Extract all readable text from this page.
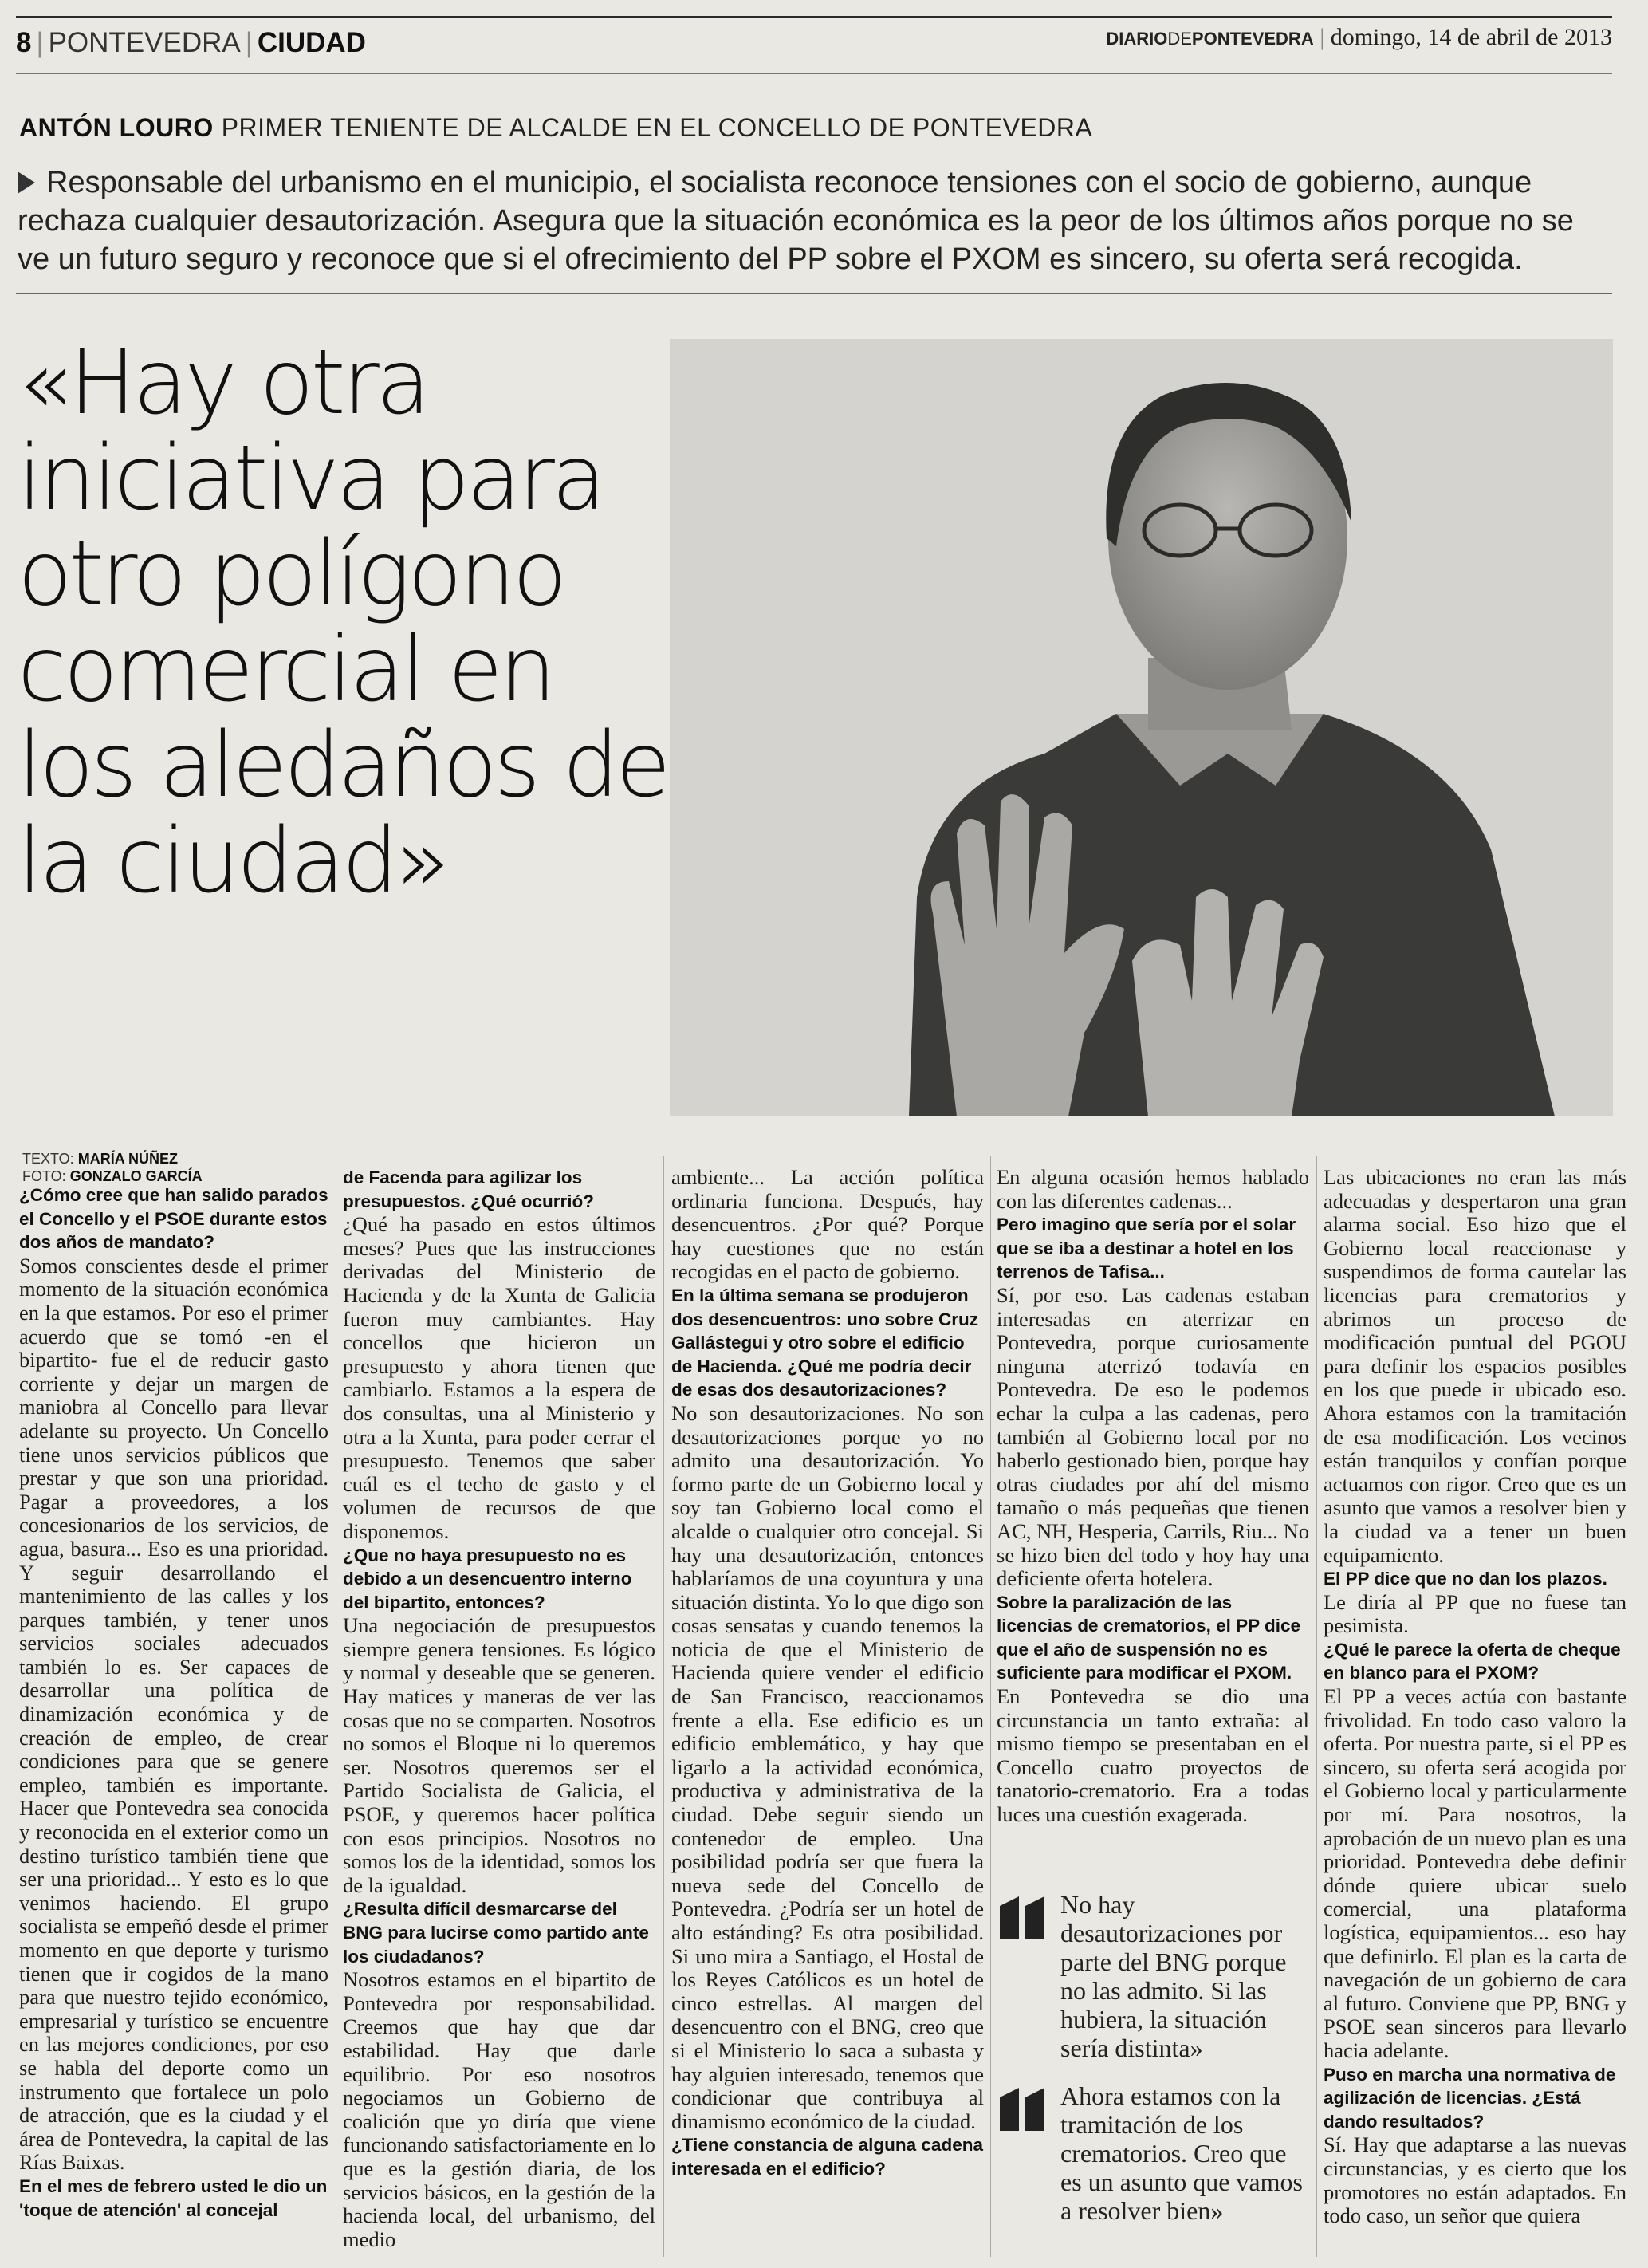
8 | PONTEVEDRA | CIUDAD	DIARIODEPONTEVEDRA | domingo, 14 de abril de 2013
ANTÓN LOURO PRIMER TENIENTE DE ALCALDE EN EL CONCELLO DE PONTEVEDRA
Responsable del urbanismo en el municipio, el socialista reconoce tensiones con el socio de gobierno, aunque rechaza cualquier desautorización. Asegura que la situación económica es la peor de los últimos años porque no se ve un futuro seguro y reconoce que si el ofrecimiento del PP sobre el PXOM es sincero, su oferta será recogida.
«Hay otra iniciativa para otro polígono comercial en los aledaños de la ciudad»
TEXTO: MARÍA NÚÑEZ
FOTO: GONZALO GARCÍA

¿Cómo cree que han salido parados el Concello y el PSOE durante estos dos años de mandato?

Somos conscientes desde el primer momento de la situación económica en la que estamos. Por eso el primer acuerdo que se tomó -en el bipartito- fue el de reducir gasto corriente y dejar un margen de maniobra al Concello para llevar adelante su proyecto. Un Concello tiene unos servicios públicos que prestar y que son una prioridad. Pagar a proveedores, a los concesionarios de los servicios, de agua, basura... Eso es una prioridad. Y seguir desarrollando el mantenimiento de las calles y los parques también, y tener unos servicios sociales adecuados también lo es. Ser capaces de desarrollar una política de dinamización económica y de creación de empleo, de crear condiciones para que se genere empleo, también es importante. Hacer que Pontevedra sea conocida y reconocida en el exterior como un destino turístico también tiene que ser una prioridad... Y esto es lo que venimos haciendo. El grupo socialista se empeñó desde el primer momento en que deporte y turismo tienen que ir cogidos de la mano para que nuestro tejido económico, empresarial y turístico se encuentre en las mejores condiciones, por eso se habla del deporte como un instrumento que fortalece un polo de atracción, que es la ciudad y el área de Pontevedra, la capital de las Rías Baixas.

En el mes de febrero usted le dio un 'toque de atención' al concejal

de Facenda para agilizar los presupuestos. ¿Qué ocurrió?

¿Qué ha pasado en estos últimos meses? Pues que las instrucciones derivadas del Ministerio de Hacienda y de la Xunta de Galicia fueron muy cambiantes. Hay concellos que hicieron un presupuesto y ahora tienen que cambiarlo. Estamos a la espera de dos consultas, una al Ministerio y otra a la Xunta, para poder cerrar el presupuesto. Tenemos que saber cuál es el techo de gasto y el volumen de recursos de que disponemos.

¿Que no haya presupuesto no es debido a un desencuentro interno del bipartito, entonces?

Una negociación de presupuestos siempre genera tensiones. Es lógico y normal y deseable que se generen. Hay matices y maneras de ver las cosas que no se comparten. Nosotros no somos el Bloque ni lo queremos ser. Nosotros queremos ser el Partido Socialista de Galicia, el PSOE, y queremos hacer política con esos principios. Nosotros no somos los de la identidad, somos los de la igualdad.

¿Resulta difícil desmarcarse del BNG para lucirse como partido ante los ciudadanos?

Nosotros estamos en el bipartito de Pontevedra por responsabilidad. Creemos que hay que dar estabilidad. Hay que darle equilibrio. Por eso nosotros negociamos un Gobierno de coalición que yo diría que viene funcionando satisfactoriamente en lo que es la gestión diaria, de los servicios básicos, en la gestión de la hacienda local, del urbanismo, del medio

ambiente... La acción política ordinaria funciona. Después, hay desencuentros. ¿Por qué? Porque hay cuestiones que no están recogidas en el pacto de gobierno.

En la última semana se produjeron dos desencuentros: uno sobre Cruz Gallástegui y otro sobre el edificio de Hacienda. ¿Qué me podría decir de esas dos desautorizaciones?

No son desautorizaciones. No son desautorizaciones porque yo no admito una desautorización. Yo formo parte de un Gobierno local y soy tan Gobierno local como el alcalde o cualquier otro concejal. Si hay una desautorización, entonces hablaríamos de una coyuntura y una situación distinta. Yo lo que digo son cosas sensatas y cuando tenemos la noticia de que el Ministerio de Hacienda quiere vender el edificio de San Francisco, reaccionamos frente a ella. Ese edificio es un edificio emblemático, y hay que ligarlo a la actividad económica, productiva y administrativa de la ciudad. Debe seguir siendo un contenedor de empleo. Una posibilidad podría ser que fuera la nueva sede del Concello de Pontevedra. ¿Podría ser un hotel de alto estánding? Es otra posibilidad. Si uno mira a Santiago, el Hostal de los Reyes Católicos es un hotel de cinco estrellas. Al margen del desencuentro con el BNG, creo que si el Ministerio lo saca a subasta y hay alguien interesado, tenemos que condicionar que contribuya al dinamismo económico de la ciudad.

¿Tiene constancia de alguna cadena interesada en el edificio?

En alguna ocasión hemos hablado con las diferentes cadenas...

Pero imagino que sería por el solar que se iba a destinar a hotel en los terrenos de Tafisa...

Sí, por eso. Las cadenas estaban interesadas en aterrizar en Pontevedra, porque curiosamente ninguna aterrizó todavía en Pontevedra. De eso le podemos echar la culpa a las cadenas, pero también al Gobierno local por no haberlo gestionado bien, porque hay otras ciudades por ahí del mismo tamaño o más pequeñas que tienen AC, NH, Hesperia, Carrils, Riu... No se hizo bien del todo y hoy hay una deficiente oferta hotelera.

Sobre la paralización de las licencias de crematorios, el PP dice que el año de suspensión no es suficiente para modificar el PXOM.

En Pontevedra se dio una circunstancia un tanto extraña: al mismo tiempo se presentaban en el Concello cuatro proyectos de tanatorio-crematorio. Era a todas luces una cuestión exagerada.

Las ubicaciones no eran las más adecuadas y despertaron una gran alarma social. Eso hizo que el Gobierno local reaccionase y suspendimos de forma cautelar las licencias para crematorios y abrimos un proceso de modificación puntual del PGOU para definir los espacios posibles en los que puede ir ubicado eso. Ahora estamos con la tramitación de esa modificación. Los vecinos están tranquilos y confían porque actuamos con rigor. Creo que es un asunto que vamos a resolver bien y la ciudad va a tener un buen equipamiento.

El PP dice que no dan los plazos.

Le diría al PP que no fuese tan pesimista.

¿Qué le parece la oferta de cheque en blanco para el PXOM?

El PP a veces actúa con bastante frivolidad. En todo caso valoro la oferta. Por nuestra parte, si el PP es sincero, su oferta será acogida por el Gobierno local y particularmente por mí. Para nosotros, la aprobación de un nuevo plan es una prioridad. Pontevedra debe definir dónde quiere ubicar suelo comercial, una plataforma logística, equipamientos... eso hay que definirlo. El plan es la carta de navegación de un gobierno de cara al futuro. Conviene que PP, BNG y PSOE sean sinceros para llevarlo hacia adelante.

Puso en marcha una normativa de agilización de licencias. ¿Está dando resultados?

Sí. Hay que adaptarse a las nuevas circunstancias, y es cierto que los promotores no están adaptados. En todo caso, un señor que quiera

No hay desautorizaciones por parte del BNG porque no las admito. Si las hubiera, la situación sería distinta»
Ahora estamos con la tramitación de los crematorios. Creo que es un asunto que vamos a resolver bien»
